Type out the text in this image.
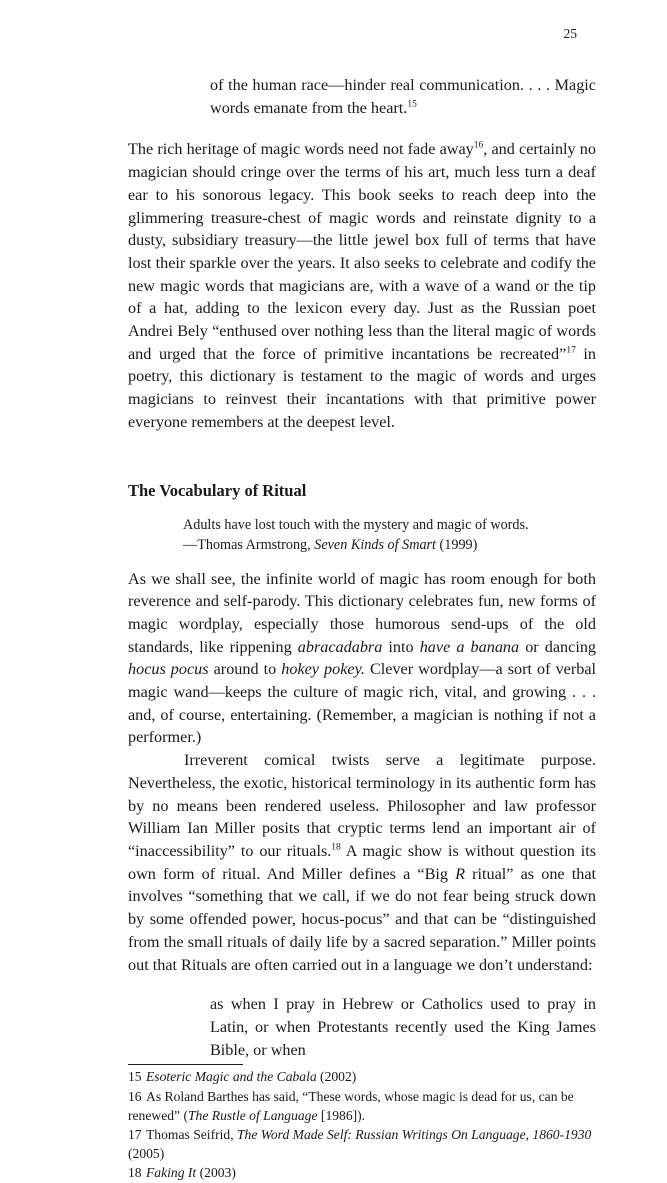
25

of the human race—hinder real communication. . . . Magic words emanate from the heart.$^{15}$

The rich heritage of magic words need not fade away$^{16}$, and certainly no magician should cringe over the terms of his art, much less turn a deaf ear to his sonorous legacy. This book seeks to reach deep into the glimmering treasure-chest of magic words and reinstate dignity to a dusty, subsidiary treasury—the little jewel box full of terms that have lost their sparkle over the years. It also seeks to celebrate and codify the new magic words that magicians are, with a wave of a wand or the tip of a hat, adding to the lexicon every day. Just as the Russian poet Andrei Bely “enthused over nothing less than the literal magic of words and urged that the force of primitive incantations be recreated”$^{17}$ in poetry, this dictionary is testament to the magic of words and urges magicians to reinvest their incantations with that primitive power everyone remembers at the deepest level.

The Vocabulary of Ritual
Adults have lost touch with the mystery and magic of words.
—Thomas Armstrong, Seven Kinds of Smart (1999)

As we shall see, the infinite world of magic has room enough for both reverence and self-parody. This dictionary celebrates fun, new forms of magic wordplay, especially those humorous send-ups of the old standards, like rippening abracadabra into have a banana or dancing hocus pocus around to hokey pokey. Clever wordplay—a sort of verbal magic wand—keeps the culture of magic rich, vital, and growing . . . and, of course, entertaining. (Remember, a magician is nothing if not a performer.)

Irreverent comical twists serve a legitimate purpose. Nevertheless, the exotic, historical terminology in its authentic form has by no means been rendered useless. Philosopher and law professor William Ian Miller posits that cryptic terms lend an important air of “inaccessibility” to our rituals.$^{18}$ A magic show is without question its own form of ritual. And Miller defines a “Big R ritual” as one that involves “something that we call, if we do not fear being struck down by some offended power, hocus-pocus” and that can be “distinguished from the small rituals of daily life by a sacred separation.” Miller points out that Rituals are often carried out in a language we don’t understand:

as when I pray in Hebrew or Catholics used to pray in Latin, or when Protestants recently used the King James Bible, or when

15 Esoteric Magic and the Cabala (2002)
16 As Roland Barthes has said, “These words, whose magic is dead for us, can be renewed” (The Rustle of Language [1986]).
17 Thomas Seifrid, The Word Made Self: Russian Writings On Language, 1860-1930 (2005)
18 Faking It (2003)
